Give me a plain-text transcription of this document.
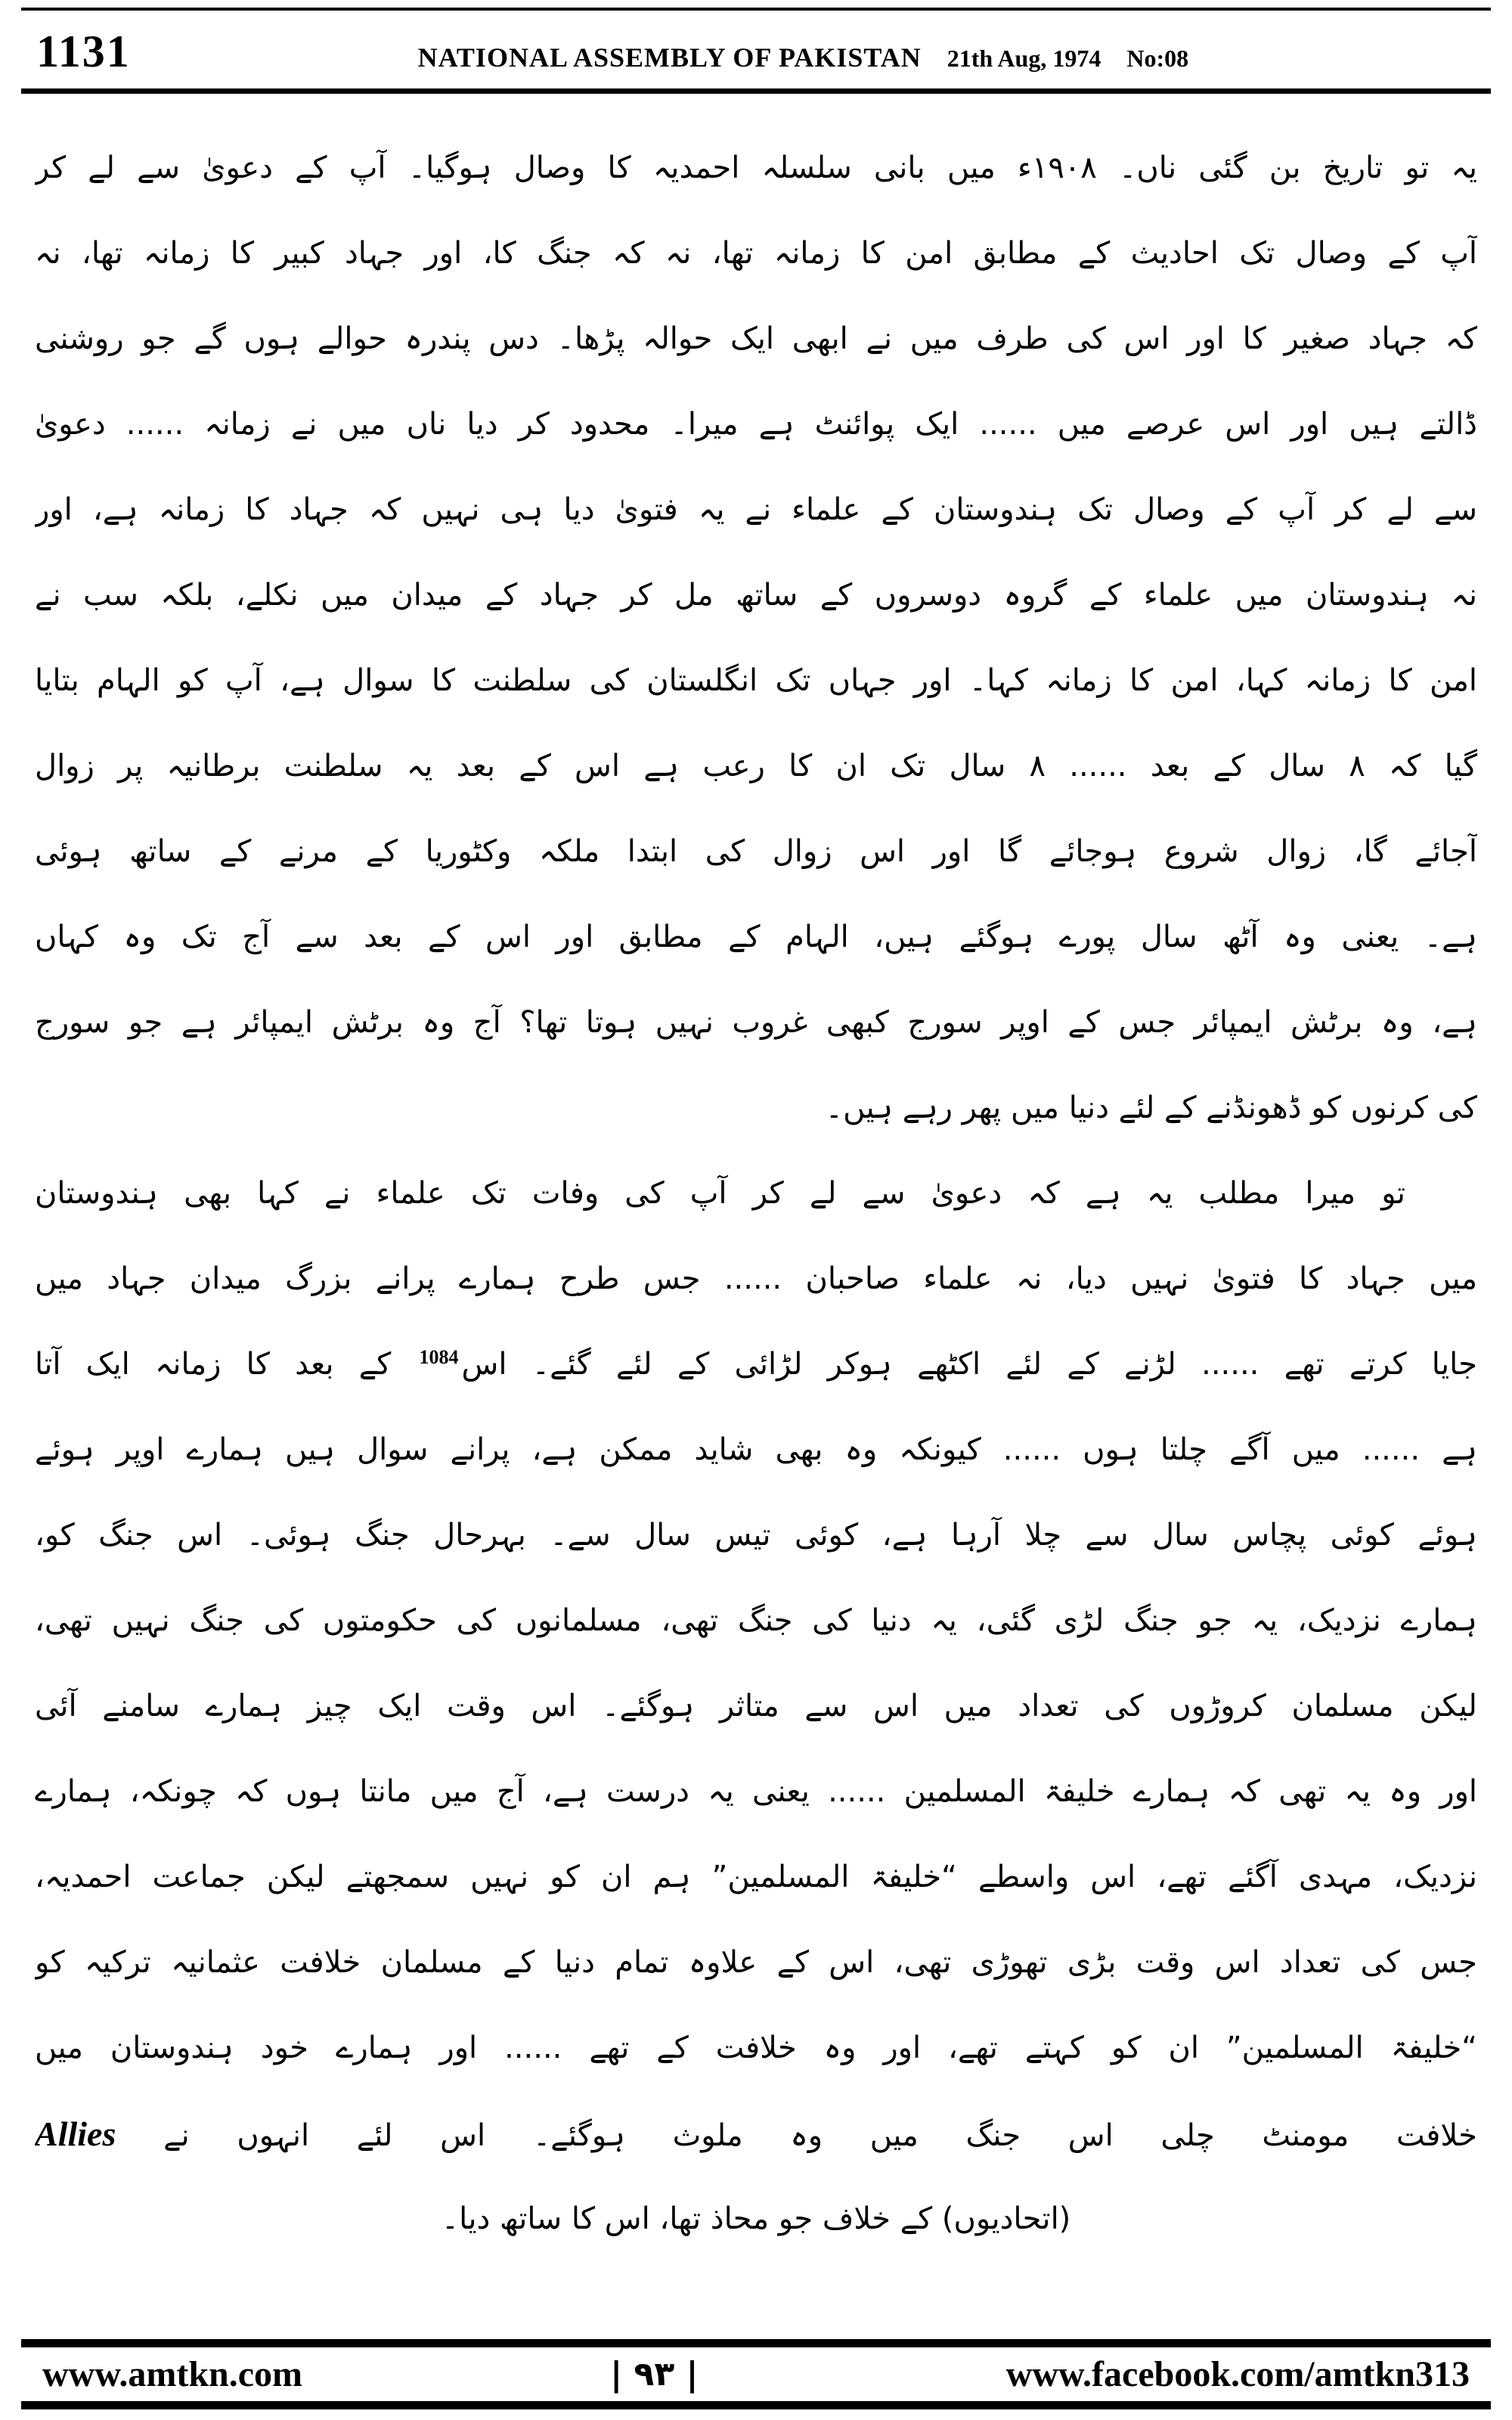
1131	NATIONAL ASSEMBLY OF PAKISTAN 21th Aug, 1974 No:08
یہ تو تاریخ بن گئی ناں۔ ۱۹۰۸ء میں بانی سلسلہ احمدیہ کا وصال ہوگیا۔ آپ کے دعویٰ سے لے کر
آپ کے وصال تک احادیث کے مطابق امن کا زمانہ تھا، نہ کہ جنگ کا، اور جہاد کبیر کا زمانہ تھا، نہ
کہ جہاد صغیر کا اور اس کی طرف میں نے ابھی ایک حوالہ پڑھا۔ دس پندرہ حوالے ہوں گے جو روشنی
ڈالتے ہیں اور اس عرصے میں ...... ایک پوائنٹ ہے میرا۔ محدود کر دیا ناں میں نے زمانہ ...... دعویٰ
سے لے کر آپ کے وصال تک ہندوستان کے علماء نے یہ فتویٰ دیا ہی نہیں کہ جہاد کا زمانہ ہے، اور
نہ ہندوستان میں علماء کے گروہ دوسروں کے ساتھ مل کر جہاد کے میدان میں نکلے، بلکہ سب نے
امن کا زمانہ کہا، امن کا زمانہ کہا۔ اور جہاں تک انگلستان کی سلطنت کا سوال ہے، آپ کو الہام بتایا
گیا کہ ۸ سال کے بعد ...... ۸ سال تک ان کا رعب ہے اس کے بعد یہ سلطنت برطانیہ پر زوال
آجائے گا، زوال شروع ہوجائے گا اور اس زوال کی ابتدا ملکہ وکٹوریا کے مرنے کے ساتھ ہوئی
ہے۔ یعنی وہ آٹھ سال پورے ہوگئے ہیں، الہام کے مطابق اور اس کے بعد سے آج تک وہ کہاں
ہے، وہ برٹش ایمپائر جس کے اوپر سورج کبھی غروب نہیں ہوتا تھا؟ آج وہ برٹش ایمپائر ہے جو سورج
کی کرنوں کو ڈھونڈنے کے لئے دنیا میں پھر رہے ہیں۔
تو میرا مطلب یہ ہے کہ دعویٰ سے لے کر آپ کی وفات تک علماء نے کہا بھی ہندوستان
میں جہاد کا فتویٰ نہیں دیا، نہ علماء صاحبان ...... جس طرح ہمارے پرانے بزرگ میدان جہاد میں
جایا کرتے تھے ...... لڑنے کے لئے اکٹھے ہوکر لڑائی کے لئے گئے۔ اس$^{1084}$ کے بعد کا زمانہ ایک آتا
ہے ...... میں آگے چلتا ہوں ...... کیونکہ وہ بھی شاید ممکن ہے، پرانے سوال ہیں ہمارے اوپر ہوئے
ہوئے کوئی پچاس سال سے چلا آرہا ہے، کوئی تیس سال سے۔ بہرحال جنگ ہوئی۔ اس جنگ کو،
ہمارے نزدیک، یہ جو جنگ لڑی گئی، یہ دنیا کی جنگ تھی، مسلمانوں کی حکومتوں کی جنگ نہیں تھی،
لیکن مسلمان کروڑوں کی تعداد میں اس سے متاثر ہوگئے۔ اس وقت ایک چیز ہمارے سامنے آئی
اور وہ یہ تھی کہ ہمارے خلیفۃ المسلمین ...... یعنی یہ درست ہے، آج میں مانتا ہوں کہ چونکہ، ہمارے
نزدیک، مہدی آگئے تھے، اس واسطے “خلیفۃ المسلمین” ہم ان کو نہیں سمجھتے لیکن جماعت احمدیہ،
جس کی تعداد اس وقت بڑی تھوڑی تھی، اس کے علاوہ تمام دنیا کے مسلمان خلافت عثمانیہ ترکیہ کو
“خلیفۃ المسلمین” ان کو کہتے تھے، اور وہ خلافت کے تھے ...... اور ہمارے خود ہندوستان میں
خلافت مومنٹ چلی اس جنگ میں وہ ملوث ہوگئے۔ اس لئے انہوں نے Allies
(اتحادیوں) کے خلاف جو محاذ تھا، اس کا ساتھ دیا۔
www.amtkn.com	| ٩٣ |	www.facebook.com/amtkn313
